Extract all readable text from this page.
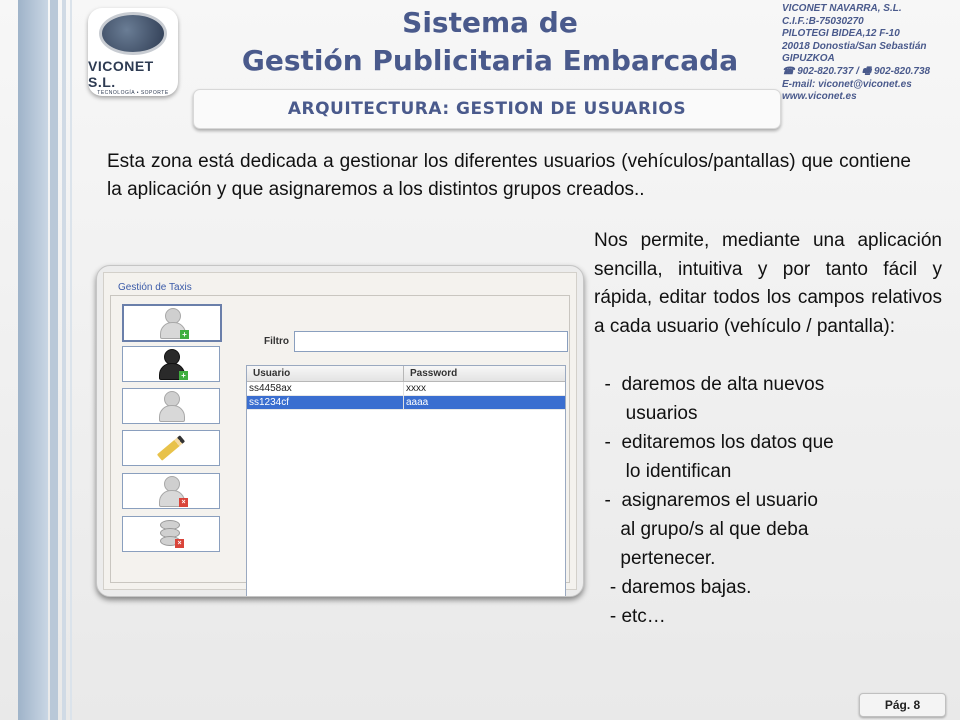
VICONET S.L.
TECNOLOGÍA • SOPORTE
Sistema de
Gestión Publicitaria Embarcada
ARQUITECTURA: GESTION DE USUARIOS
VICONET NAVARRA, S.L.
C.I.F.:B-75030270
PILOTEGI BIDEA,12 F-10
20018 Donostia/San Sebastián
GIPUZKOA
☎ 902-820.737 / 🖷 902-820.738
E-mail: viconet@viconet.es
www.viconet.es
Esta zona está dedicada a gestionar los diferentes usuarios (vehículos/pantallas) que contiene la aplicación y que asignaremos a los distintos grupos creados..
Nos permite, mediante una aplicación sencilla, intuitiva y por tanto fácil y rápida, editar todos los campos relativos a cada usuario (vehículo / pantalla):
-  daremos de alta nuevos
usuarios
-  editaremos los datos que
lo identifican
-  asignaremos el usuario
al grupo/s al que deba
pertenecer.
- daremos bajas.
- etc…
Gestión de Taxis
+
+
×
×
Filtro
Usuario	Password
ss4458ax	xxxx
ss1234cf	aaaa
Pág. 8
